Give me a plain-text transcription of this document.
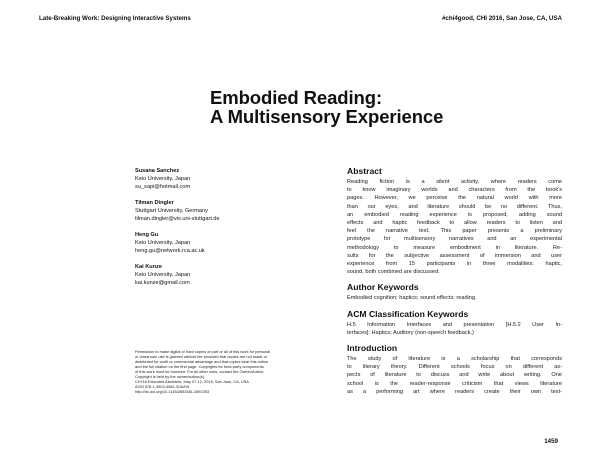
Late-Breaking Work: Designing Interactive Systems	#chi4good, CHI 2016, San Jose, CA, USA
Embodied Reading:
A Multisensory Experience
Susana Sanchez
Keio University, Japan
su_sapi@hotmail.com
Tilman Dingler
Stuttgart University, Germany
tilman.dingler@vis.uni-stuttgart.de
Heng Gu
Keio University, Japan
heng.gu@network.rca.ac.uk
Kai Kunze
Keio University, Japan
kai.kunze@gmail.com
Permission to make digital or hard copies of part or all of this work for personal
or classroom use is granted without fee provided that copies are not made or
distributed for profit or commercial advantage and that copies bear this notice
and the full citation on the first page. Copyrights for third-party components
of this work must be honored. For all other uses, contact the Owner/Author.
Copyright is held by the owner/author(s).
CHI'16 Extended Abstracts, May 07-12, 2016, San Jose, CA, USA
ACM 978-1-4503-4082-3/16/05.
http://dx.doi.org/10.1145/2851581.2892353
Abstract
Reading fiction is a silent activity, where readers come
to know imaginary worlds and characters from the book's
pages. However, we perceive the natural world with more
than our eyes, and literature should be no different. Thus,
an embodied reading experience is proposed, adding sound
effects and haptic feedback to allow readers to listen and
feel the narrative text. This paper presents a preliminary
prototype for multisensory narratives and an experimental
methodology to measure embodiment in literature. Re-
sults for the subjective assessment of immersion and user
experience from 15 participants in three modalities: haptic,
sound, both combined are discussed.
Author Keywords
Embodied cognition; haptics; sound effects; reading.
ACM Classification Keywords
H.5 Information Interfaces and presentation [H.5.2 User In-
terfaces]: Haptics; Auditory (non-speech feedback.)
Introduction
The study of literature is a scholarship that corresponds
to literary theory. Different schools focus on different as-
pects of literature to discuss and write about writing. One
school is the reader-response criticism that views literature
as a performing art where readers create their own text-
1459
